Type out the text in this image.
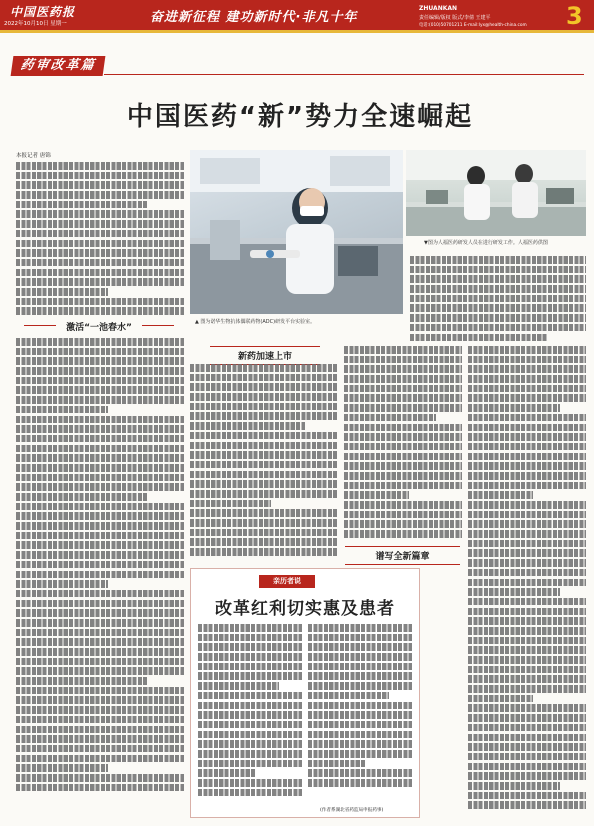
中国医药报
2022年10月10日 星期一	奋进新征程 建功新时代·非凡十年
ZHUANKAN
责任编辑/版权 版式/李倩 王建平
电话:(010)50701211 E-mail:lyx@health-china.com 3
药审改革篇
中国医药“新”势力全速崛起
本报记者 唐锦
▲ 图为诺华生物抗体偶联药物(ADC)研发平台实验室。
▼图为人福医药研发人员在进行研发工作。人福医药供图
激活“一池春水”
新药加速上市
谱写全新篇章
亲历者说
改革红利切实惠及患者
(作者系湖北省药监局申报药事)
